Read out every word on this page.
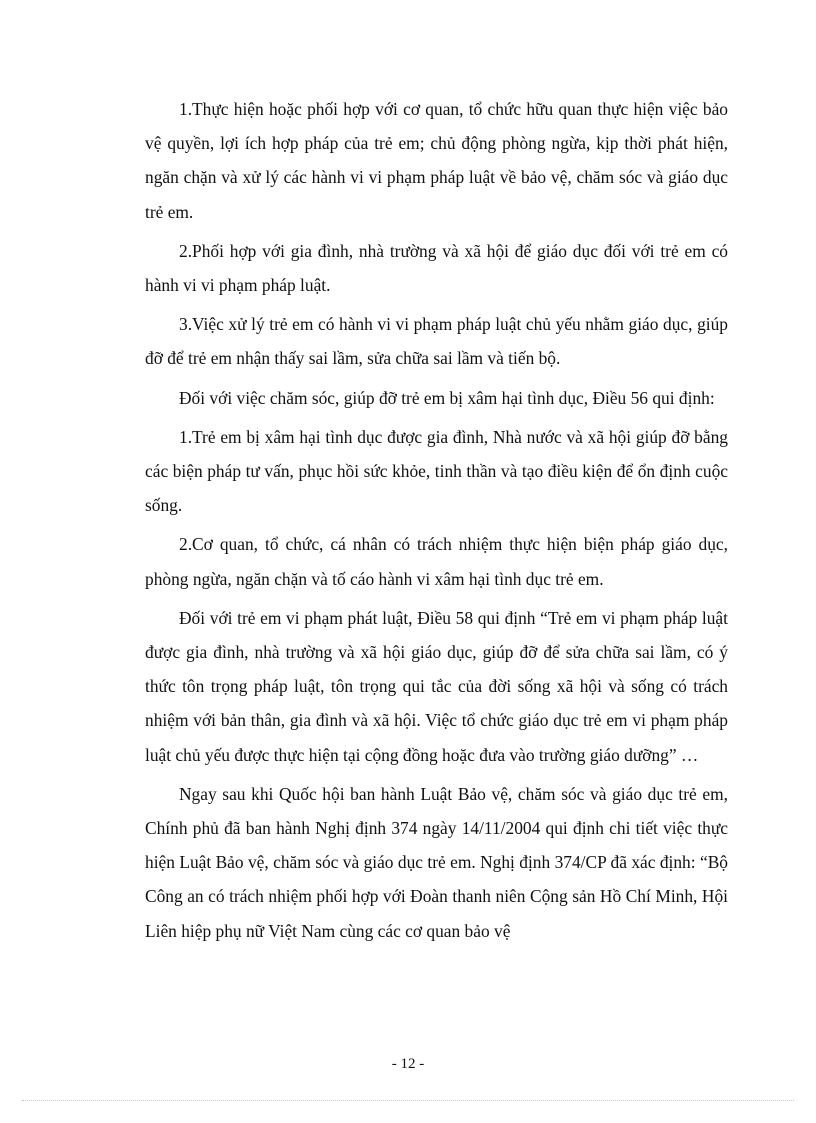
1.Thực hiện hoặc phối hợp với cơ quan, tổ chức hữu quan thực hiện việc bảo vệ quyền, lợi ích hợp pháp của trẻ em; chủ động phòng ngừa, kịp thời phát hiện, ngăn chặn và xử lý các hành vi vi phạm pháp luật về bảo vệ, chăm sóc và giáo dục trẻ em.

2.Phối hợp với gia đình, nhà trường và xã hội để giáo dục đối với trẻ em có hành vi vi phạm pháp luật.

3.Việc xử lý trẻ em có hành vi vi phạm pháp luật chủ yếu nhằm giáo dục, giúp đỡ để trẻ em nhận thấy sai lầm, sửa chữa sai lầm và tiến bộ.

Đối với việc chăm sóc, giúp đỡ trẻ em bị xâm hại tình dục, Điều 56 qui định:

1.Trẻ em bị xâm hại tình dục được gia đình, Nhà nước và xã hội giúp đỡ bằng các biện pháp tư vấn, phục hồi sức khỏe, tinh thần và tạo điều kiện để ổn định cuộc sống.

2.Cơ quan, tổ chức, cá nhân có trách nhiệm thực hiện biện pháp giáo dục, phòng ngừa, ngăn chặn và tố cáo hành vi xâm hại tình dục trẻ em.

Đối với trẻ em vi phạm phát luật, Điều 58 qui định “Trẻ em vi phạm pháp luật được gia đình, nhà trường và xã hội giáo dục, giúp đỡ để sửa chữa sai lầm, có ý thức tôn trọng pháp luật, tôn trọng qui tắc của đời sống xã hội và sống có trách nhiệm với bản thân, gia đình và xã hội. Việc tổ chức giáo dục trẻ em vi phạm pháp luật chủ yếu được thực hiện tại cộng đồng hoặc đưa vào trường giáo dưỡng” …

Ngay sau khi Quốc hội ban hành Luật Bảo vệ, chăm sóc và giáo dục trẻ em, Chính phủ đã ban hành Nghị định 374 ngày 14/11/2004 qui định chi tiết việc thực hiện Luật Bảo vệ, chăm sóc và giáo dục trẻ em. Nghị định 374/CP đã xác định: “Bộ Công an có trách nhiệm phối hợp với Đoàn thanh niên Cộng sản Hồ Chí Minh, Hội Liên hiệp phụ nữ Việt Nam cùng các cơ quan bảo vệ

- 12 -
